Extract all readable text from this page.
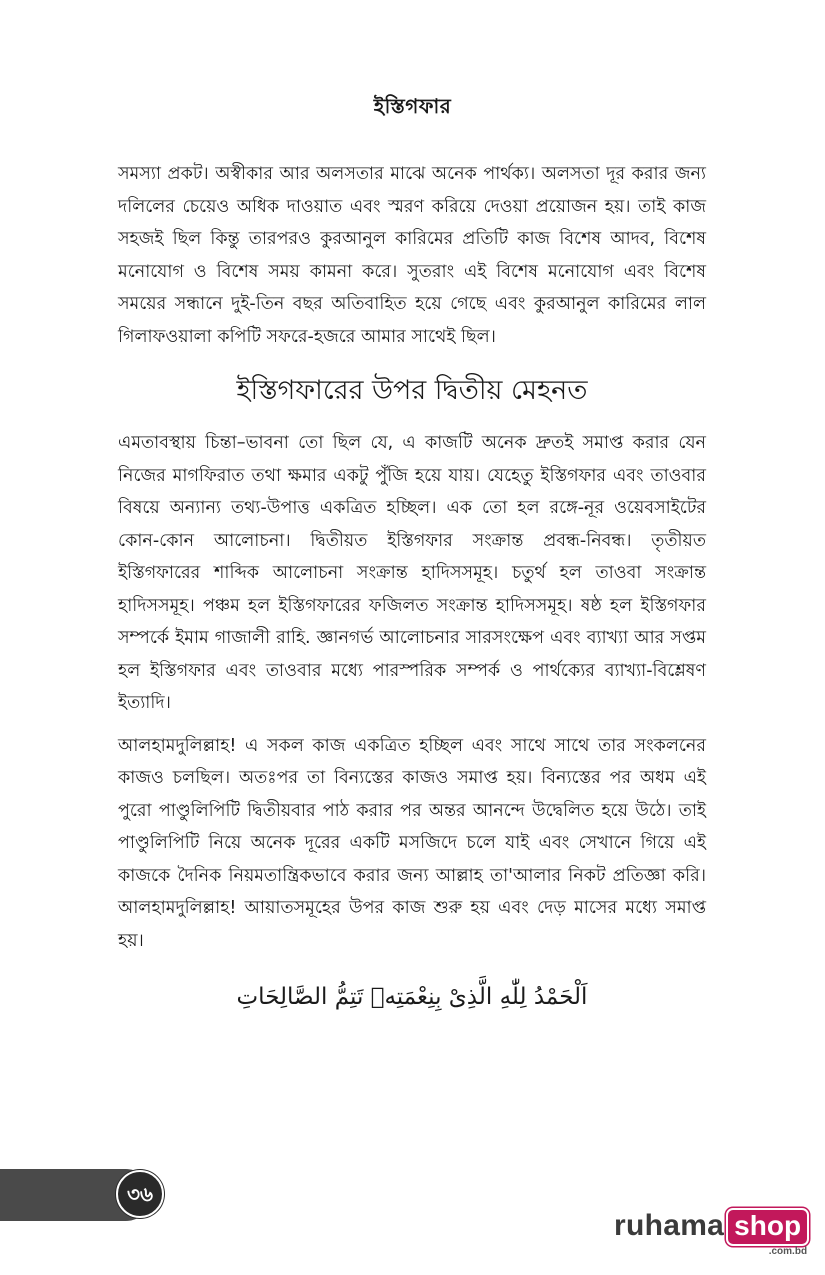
ইস্তিগফার

সমস্যা প্রকট। অস্বীকার আর অলসতার মাঝে অনেক পার্থক্য। অলসতা দূর করার জন্য দলিলের চেয়েও অধিক দাওয়াত এবং স্মরণ করিয়ে দেওয়া প্রয়োজন হয়। তাই কাজ সহজই ছিল কিন্তু তারপরও কুরআনুল কারিমের প্রতিটি কাজ বিশেষ আদব, বিশেষ মনোযোগ ও বিশেষ সময় কামনা করে। সুতরাং এই বিশেষ মনোযোগ এবং বিশেষ সময়ের সন্ধানে দুই-তিন বছর অতিবাহিত হয়ে গেছে এবং কুরআনুল কারিমের লাল গিলাফওয়ালা কপিটি সফরে-হজরে আমার সাথেই ছিল।

ইস্তিগফারের উপর দ্বিতীয় মেহনত

এমতাবস্থায় চিন্তা–ভাবনা তো ছিল যে, এ কাজটি অনেক দ্রুতই সমাপ্ত করার যেন নিজের মাগফিরাত তথা ক্ষমার একটু পুঁজি হয়ে যায়। যেহেতু ইস্তিগফার এবং তাওবার বিষয়ে অন্যান্য তথ্য-উপাত্ত একত্রিত হচ্ছিল। এক তো হল রঙ্গে-নূর ওয়েবসাইটের কোন-কোন আলোচনা। দ্বিতীয়ত ইস্তিগফার সংক্রান্ত প্রবন্ধ-নিবন্ধ। তৃতীয়ত ইস্তিগফারের শাব্দিক আলোচনা সংক্রান্ত হাদিসসমূহ। চতুর্থ হল তাওবা সংক্রান্ত হাদিসসমূহ। পঞ্চম হল ইস্তিগফারের ফজিলত সংক্রান্ত হাদিসসমূহ। ষষ্ঠ হল ইস্তিগফার সম্পর্কে ইমাম গাজালী রাহি. জ্ঞানগর্ভ আলোচনার সারসংক্ষেপ এবং ব্যাখ্যা আর সপ্তম হল ইস্তিগফার এবং তাওবার মধ্যে পারস্পরিক সম্পর্ক ও পার্থক্যের ব্যাখ্যা-বিশ্লেষণ ইত্যাদি।

আলহামদুলিল্লাহ! এ সকল কাজ একত্রিত হচ্ছিল এবং সাথে সাথে তার সংকলনের কাজও চলছিল। অতঃপর তা বিন্যস্তের কাজও সমাপ্ত হয়। বিন্যস্তের পর অধম এই পুরো পাণ্ডুলিপিটি দ্বিতীয়বার পাঠ করার পর অন্তর আনন্দে উদ্বেলিত হয়ে উঠে। তাই পাণ্ডুলিপিটি নিয়ে অনেক দূরের একটি মসজিদে চলে যাই এবং সেখানে গিয়ে এই কাজকে দৈনিক নিয়মতান্ত্রিকভাবে করার জন্য আল্লাহ তা'আলার নিকট প্রতিজ্ঞা করি। আলহামদুলিল্লাহ! আয়াতসমূহের উপর কাজ শুরু হয় এবং দেড় মাসের মধ্যে সমাপ্ত হয়।

اَلْحَمْدُ لِلّٰهِ الَّذِىْ بِنِعْمَتِهٖ تَتِمُّ الصَّالِحَاتِ
৩৬
ruhama shop
.com.bd
